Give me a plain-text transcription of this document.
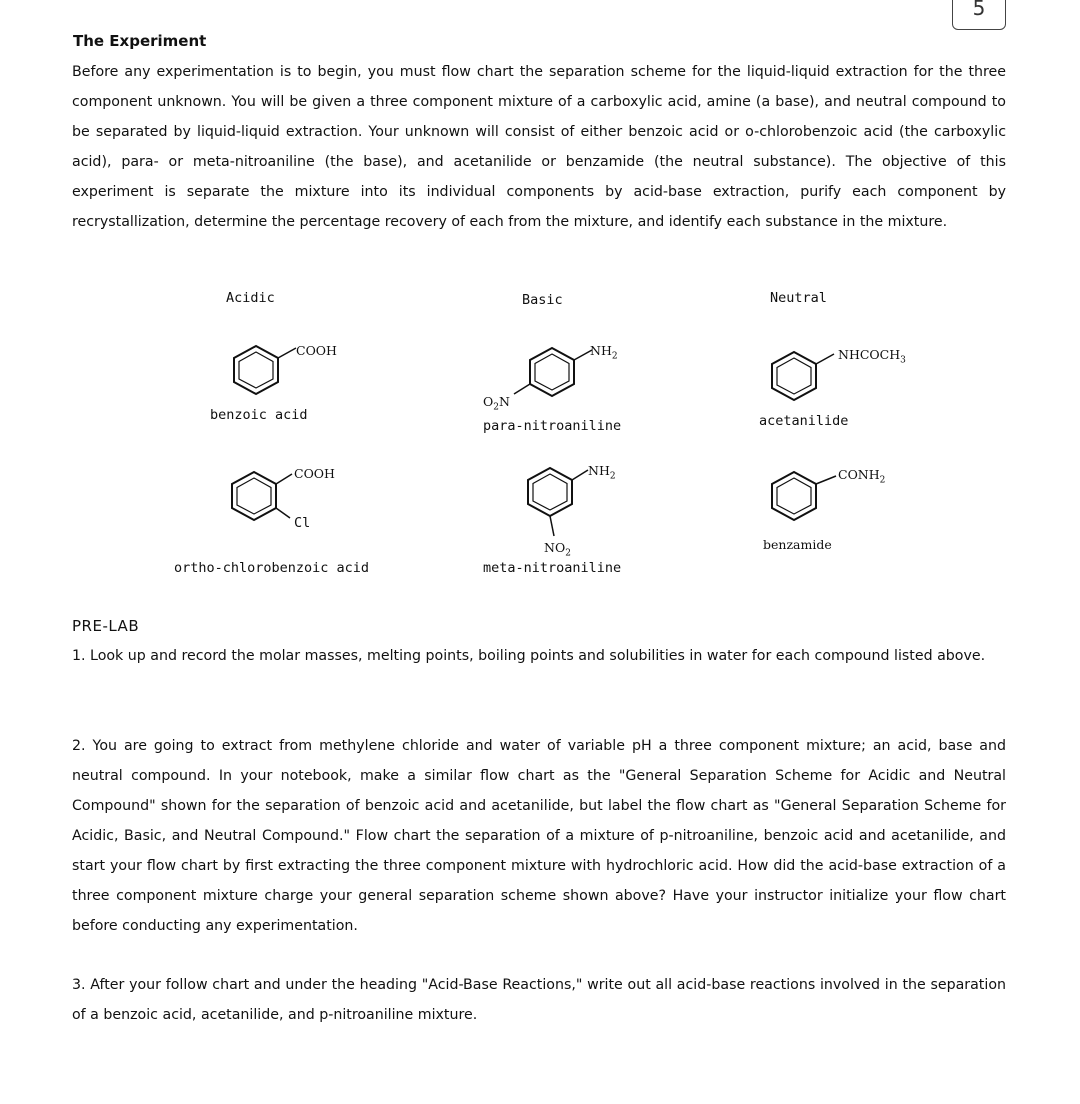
5
The Experiment
Before any experimentation is to begin, you must flow chart the separation scheme for the liquid-liquid extraction for the three component unknown. You will be given a three component mixture of a carboxylic acid, amine (a base), and neutral compound to be separated by liquid-liquid extraction. Your unknown will consist of either benzoic acid or o-chlorobenzoic acid (the carboxylic acid), para- or meta-nitroaniline (the base), and acetanilide or benzamide (the neutral substance). The objective of this experiment is separate the mixture into its individual components by acid-base extraction, purify each component by recrystallization, determine the percentage recovery of each from the mixture, and identify each substance in the mixture.
Acidic	Basic	Neutral
COOH
benzoic acid
COOH
Cl
ortho-chlorobenzoic acid
$NH_2$
$O_2N$
para-nitroaniline
$NH_2$
$NO_2$
meta-nitroaniline
$NHCOCH_3$
acetanilide
$CONH_2$
benzamide
PRE-LAB
1. Look up and record the molar masses, melting points, boiling points and solubilities in water for each compound listed above.
2. You are going to extract from methylene chloride and water of variable pH a three component mixture; an acid, base and neutral compound. In your notebook, make a similar flow chart as the "General Separation Scheme for Acidic and Neutral Compound" shown for the separation of benzoic acid and acetanilide, but label the flow chart as "General Separation Scheme for Acidic, Basic, and Neutral Compound." Flow chart the separation of a mixture of p-nitroaniline, benzoic acid and acetanilide, and start your flow chart by first extracting the three component mixture with hydrochloric acid. How did the acid-base extraction of a three component mixture charge your general separation scheme shown above? Have your instructor initialize your flow chart before conducting any experimentation.
3. After your follow chart and under the heading "Acid-Base Reactions," write out all acid-base reactions involved in the separation of a benzoic acid, acetanilide, and p-nitroaniline mixture.
